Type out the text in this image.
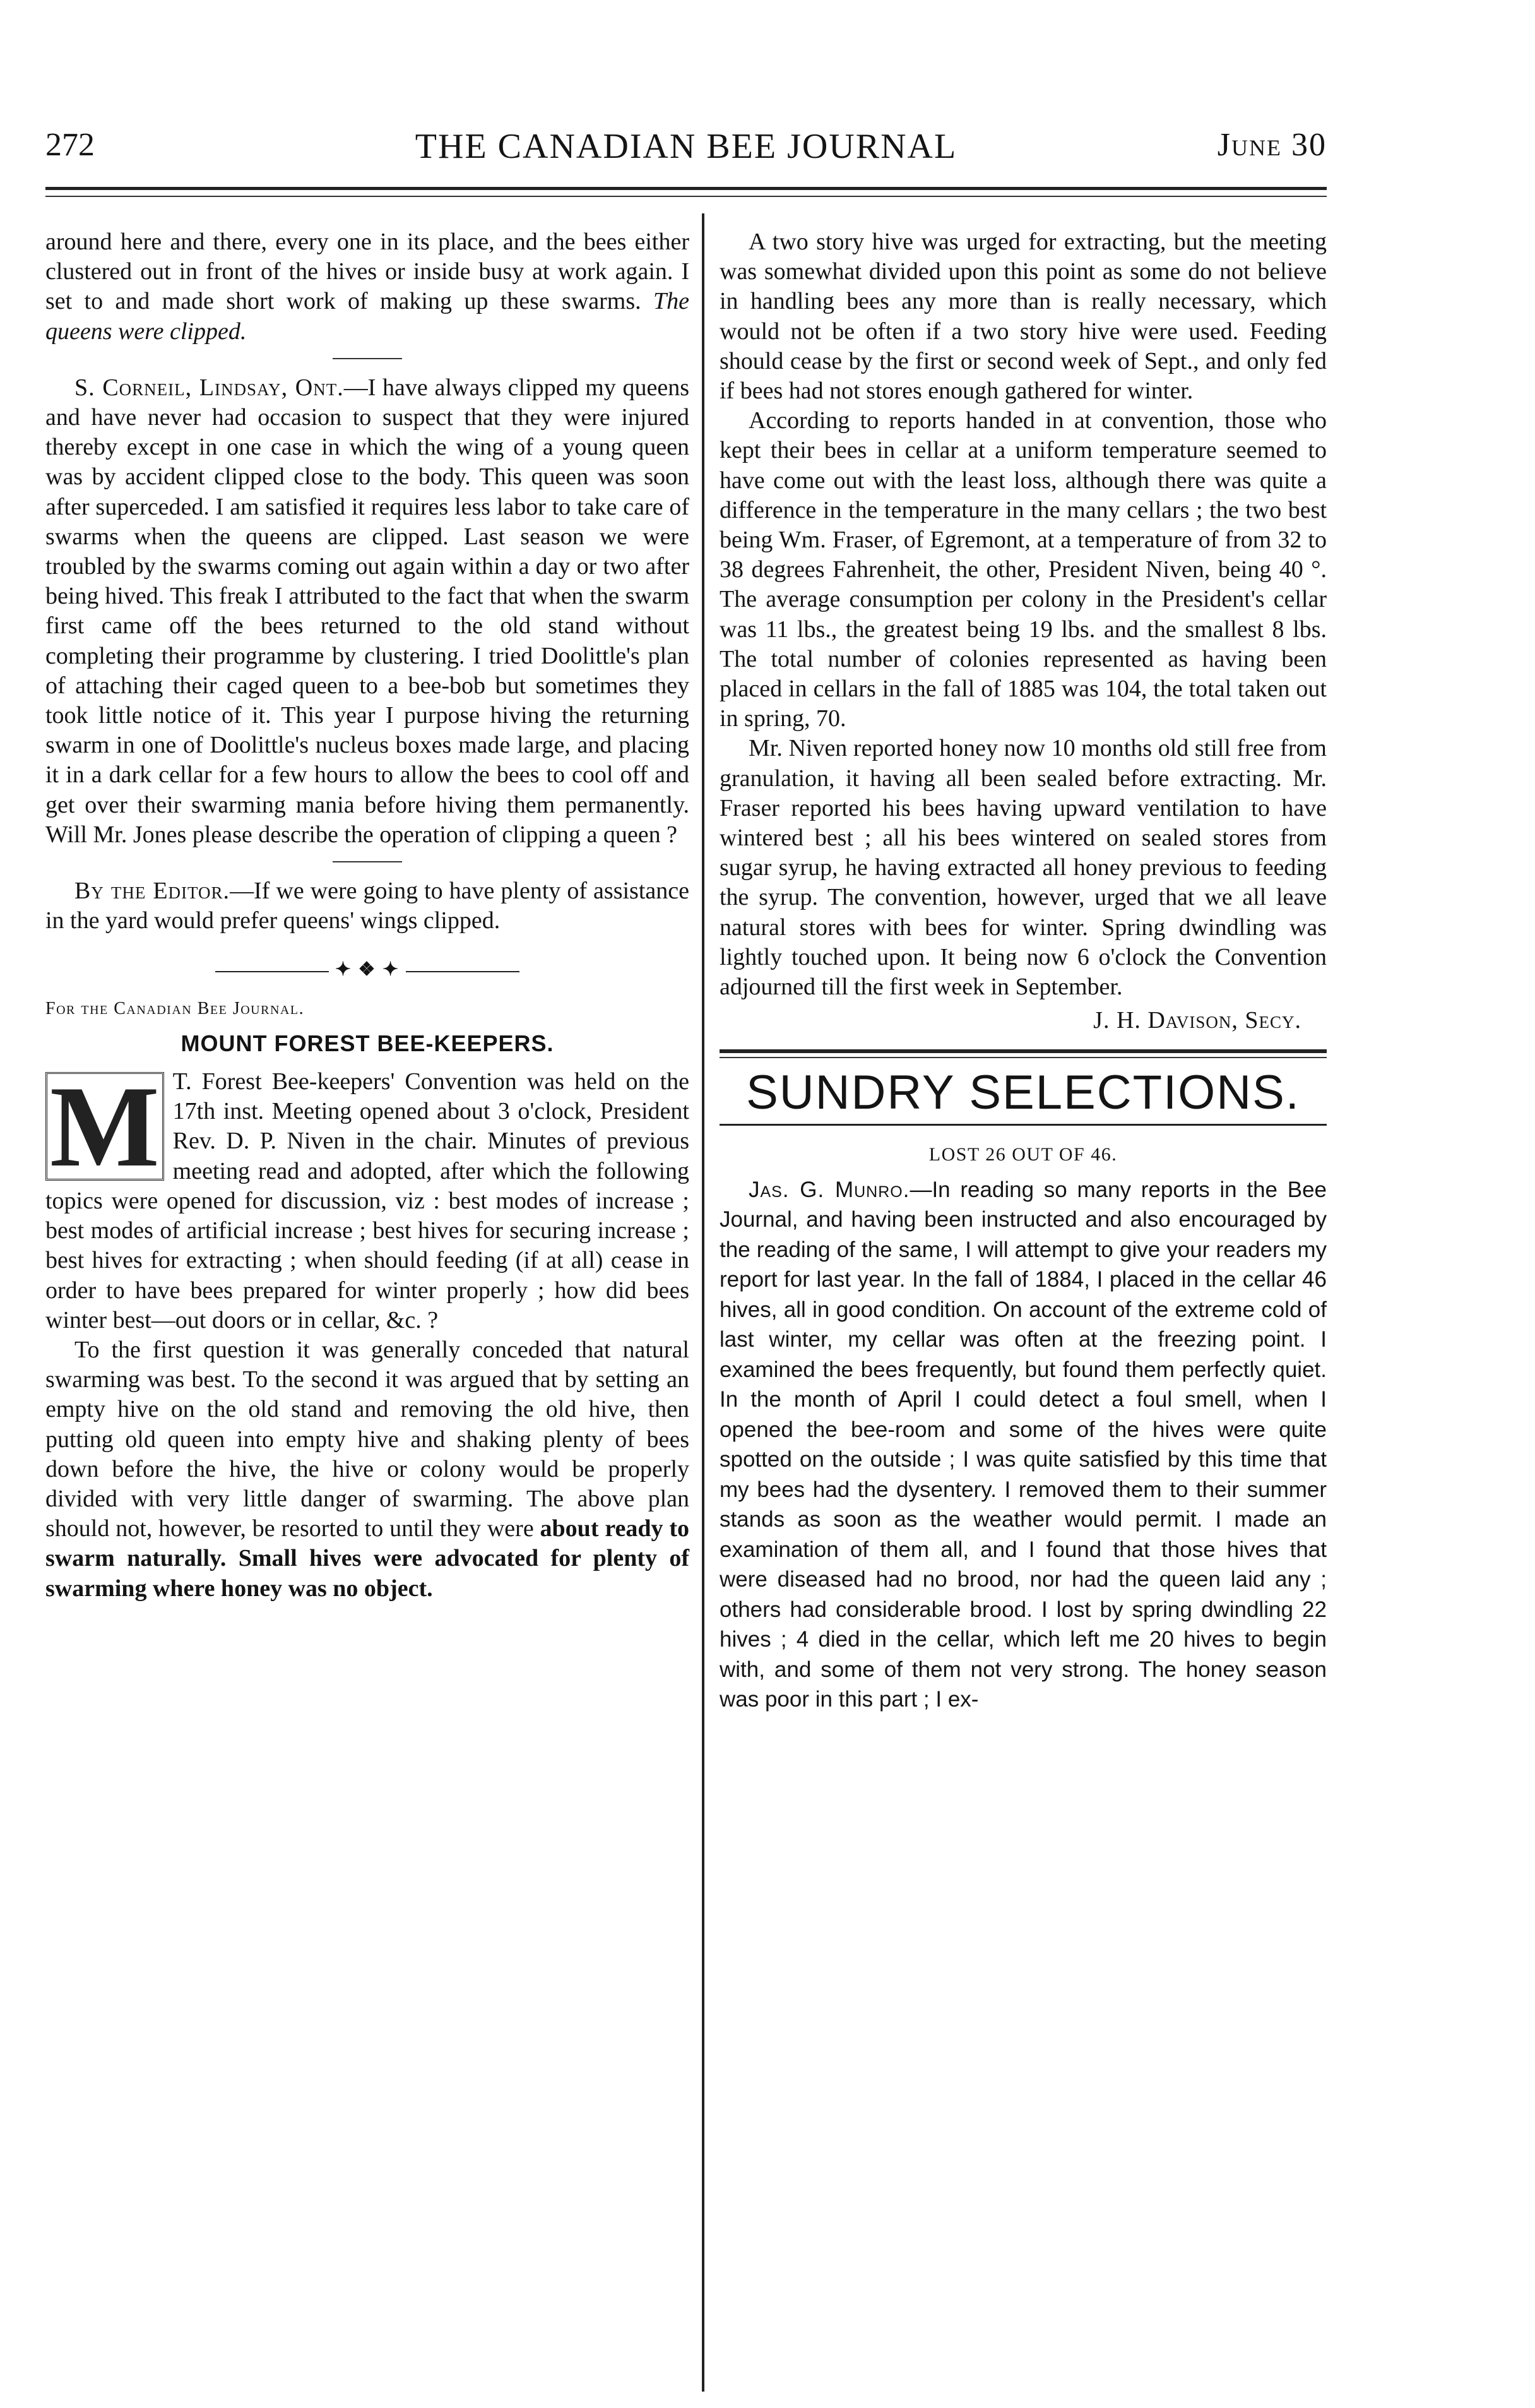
272	THE CANADIAN BEE JOURNAL	June 30

around here and there, every one in its place, and the bees either clustered out in front of the hives or inside busy at work again. I set to and made short work of making up these swarms. The queens were clipped.

S. Corneil, Lindsay, Ont.—I have always clipped my queens and have never had occasion to suspect that they were injured thereby except in one case in which the wing of a young queen was by accident clipped close to the body. This queen was soon after superceded. I am satisfied it requires less labor to take care of swarms when the queens are clipped. Last season we were troubled by the swarms coming out again within a day or two after being hived. This freak I attributed to the fact that when the swarm first came off the bees returned to the old stand without completing their programme by clustering. I tried Doolittle's plan of attaching their caged queen to a bee-bob but sometimes they took little notice of it. This year I purpose hiving the returning swarm in one of Doolittle's nucleus boxes made large, and placing it in a dark cellar for a few hours to allow the bees to cool off and get over their swarming mania before hiving them permanently. Will Mr. Jones please describe the operation of clipping a queen ?

By the Editor.—If we were going to have plenty of assistance in the yard would prefer queens' wings clipped.

✦ ❖ ✦
For the Canadian Bee Journal.
MOUNT FOREST BEE-KEEPERS.

M T. Forest Bee-keepers' Convention was held on the 17th inst. Meeting opened about 3 o'clock, President Rev. D. P. Niven in the chair. Minutes of previous meeting read and adopted, after which the following topics were opened for discussion, viz : best modes of increase ; best modes of artificial increase ; best hives for securing increase ; best hives for extracting ; when should feeding (if at all) cease in order to have bees prepared for winter properly ; how did bees winter best—out doors or in cellar, &c. ?

To the first question it was generally conceded that natural swarming was best. To the second it was argued that by setting an empty hive on the old stand and removing the old hive, then putting old queen into empty hive and shaking plenty of bees down before the hive, the hive or colony would be properly divided with very little danger of swarming. The above plan should not, however, be resorted to until they were about ready to swarm naturally. Small hives were advocated for plenty of swarming where honey was no object.

A two story hive was urged for extracting, but the meeting was somewhat divided upon this point as some do not believe in handling bees any more than is really necessary, which would not be often if a two story hive were used. Feeding should cease by the first or second week of Sept., and only fed if bees had not stores enough gathered for winter.

According to reports handed in at convention, those who kept their bees in cellar at a uniform temperature seemed to have come out with the least loss, although there was quite a difference in the temperature in the many cellars ; the two best being Wm. Fraser, of Egremont, at a temperature of from 32 to 38 degrees Fahrenheit, the other, President Niven, being 40 °. The average consumption per colony in the President's cellar was 11 lbs., the greatest being 19 lbs. and the smallest 8 lbs. The total number of colonies represented as having been placed in cellars in the fall of 1885 was 104, the total taken out in spring, 70.

Mr. Niven reported honey now 10 months old still free from granulation, it having all been sealed before extracting. Mr. Fraser reported his bees having upward ventilation to have wintered best ; all his bees wintered on sealed stores from sugar syrup, he having extracted all honey previous to feeding the syrup. The convention, however, urged that we all leave natural stores with bees for winter. Spring dwindling was lightly touched upon. It being now 6 o'clock the Convention adjourned till the first week in September.

J. H. Davison, Secy.
SUNDRY SELECTIONS.
LOST 26 OUT OF 46.

Jas. G. Munro.—In reading so many reports in the Bee Journal, and having been instructed and also encouraged by the reading of the same, I will attempt to give your readers my report for last year. In the fall of 1884, I placed in the cellar 46 hives, all in good condition. On account of the extreme cold of last winter, my cellar was often at the freezing point. I examined the bees frequently, but found them perfectly quiet. In the month of April I could detect a foul smell, when I opened the bee-room and some of the hives were quite spotted on the outside ; I was quite satisfied by this time that my bees had the dysentery. I removed them to their summer stands as soon as the weather would permit. I made an examination of them all, and I found that those hives that were diseased had no brood, nor had the queen laid any ; others had considerable brood. I lost by spring dwindling 22 hives ; 4 died in the cellar, which left me 20 hives to begin with, and some of them not very strong. The honey season was poor in this part ; I ex-
